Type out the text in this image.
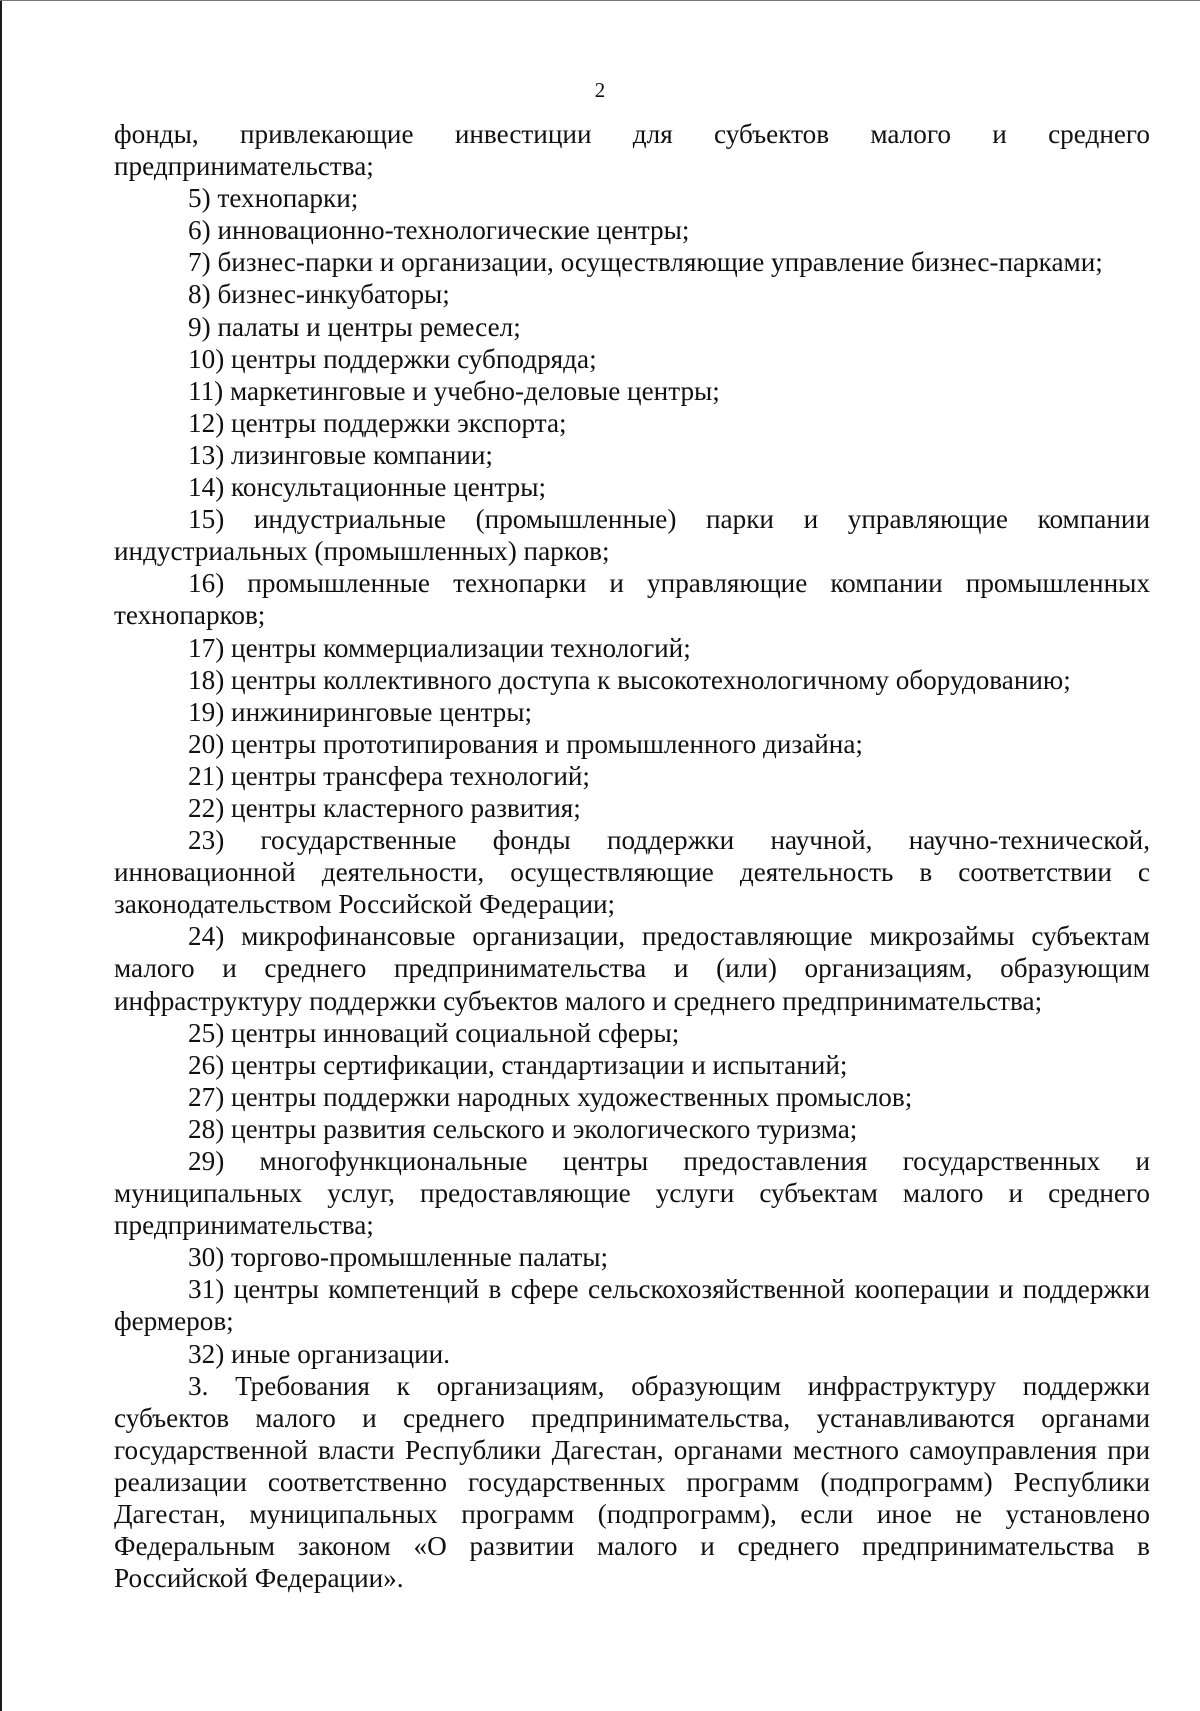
2

фонды, привлекающие инвестиции для субъектов малого и среднего предпринимательства;

5) технопарки;

6) инновационно-технологические центры;

7) бизнес-парки и организации, осуществляющие управление бизнес-парками;

8) бизнес-инкубаторы;

9) палаты и центры ремесел;

10) центры поддержки субподряда;

11) маркетинговые и учебно-деловые центры;

12) центры поддержки экспорта;

13) лизинговые компании;

14) консультационные центры;

15) индустриальные (промышленные) парки и управляющие компании индустриальных (промышленных) парков;

16) промышленные технопарки и управляющие компании промышленных технопарков;

17) центры коммерциализации технологий;

18) центры коллективного доступа к высокотехнологичному оборудованию;

19) инжиниринговые центры;

20) центры прототипирования и промышленного дизайна;

21) центры трансфера технологий;

22) центры кластерного развития;

23) государственные фонды поддержки научной, научно-технической, инновационной деятельности, осуществляющие деятельность в соответствии с законодательством Российской Федерации;

24) микрофинансовые организации, предоставляющие микрозаймы субъектам малого и среднего предпринимательства и (или) организациям, образующим инфраструктуру поддержки субъектов малого и среднего предпринимательства;

25) центры инноваций социальной сферы;

26) центры сертификации, стандартизации и испытаний;

27) центры поддержки народных художественных промыслов;

28) центры развития сельского и экологического туризма;

29) многофункциональные центры предоставления государственных и муниципальных услуг, предоставляющие услуги субъектам малого и среднего предпринимательства;

30) торгово-промышленные палаты;

31) центры компетенций в сфере сельскохозяйственной кооперации и поддержки фермеров;

32) иные организации.

3. Требования к организациям, образующим инфраструктуру поддержки субъектов малого и среднего предпринимательства, устанавливаются органами государственной власти Республики Дагестан, органами местного самоуправления при реализации соответственно государственных программ (подпрограмм) Республики Дагестан, муниципальных программ (подпрограмм), если иное не установлено Федеральным законом «О развитии малого и среднего предпринимательства в Российской Федерации».
